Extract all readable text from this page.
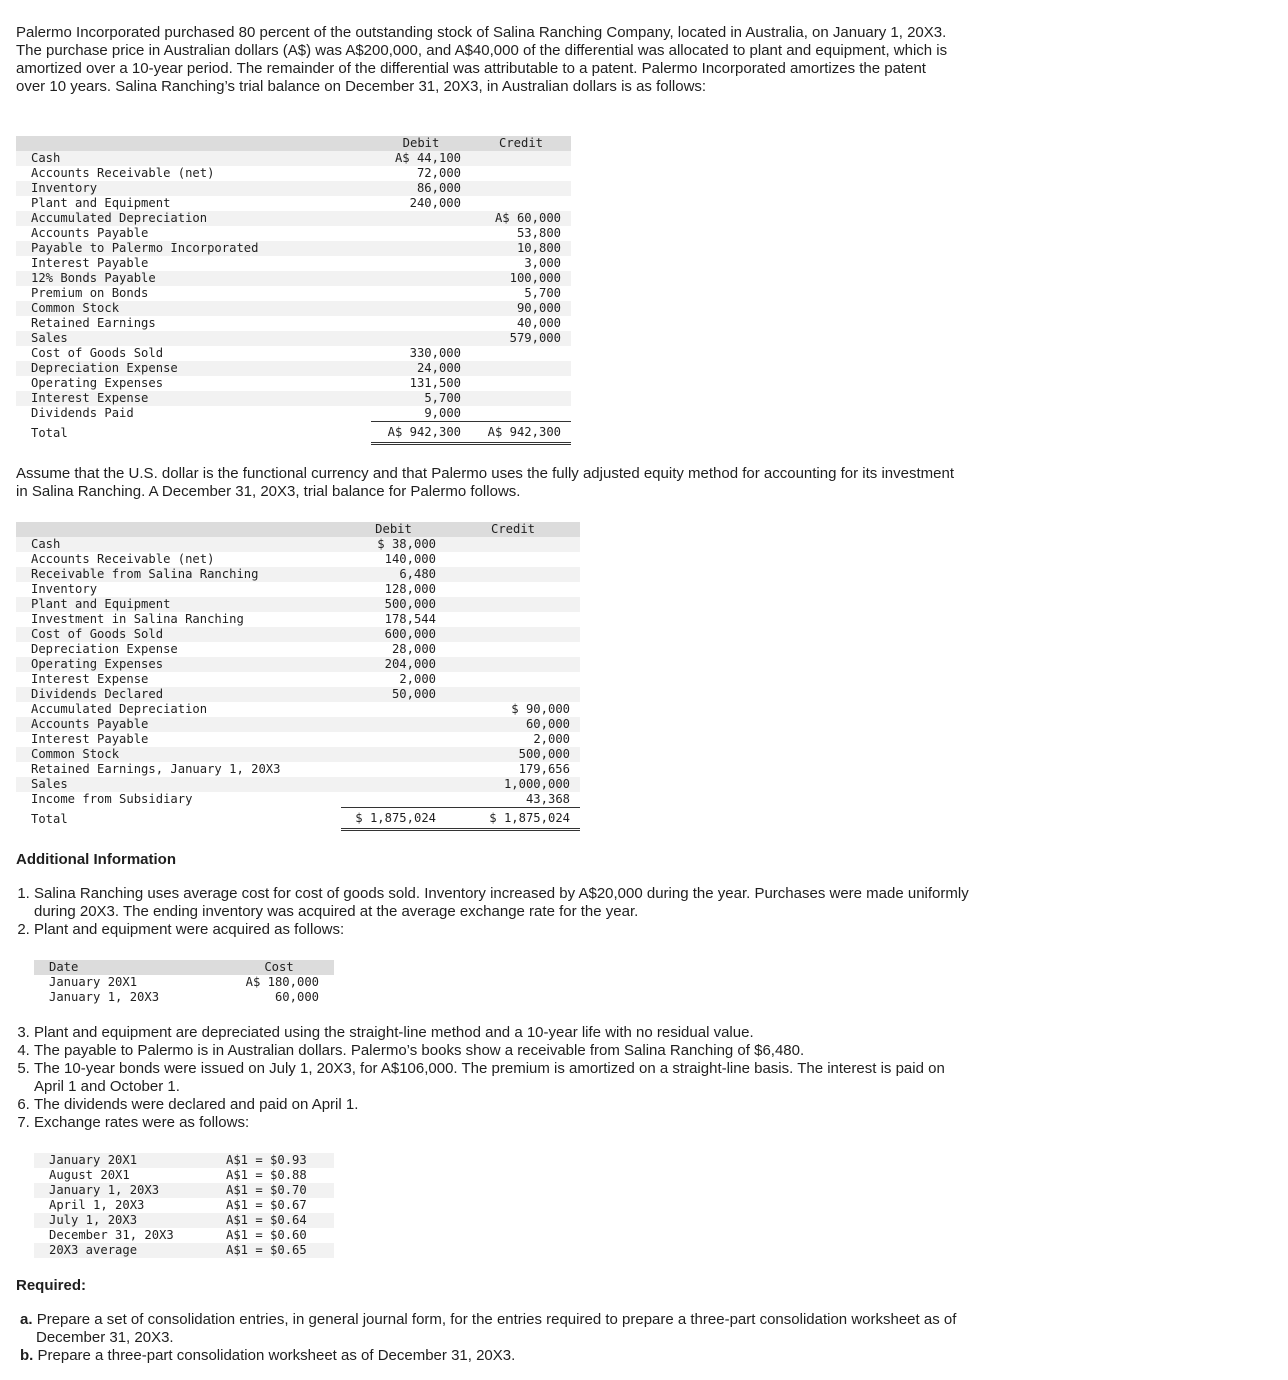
Palermo Incorporated purchased 80 percent of the outstanding stock of Salina Ranching Company, located in Australia, on January 1, 20X3. The purchase price in Australian dollars (A$) was A$200,000, and A$40,000 of the differential was allocated to plant and equipment, which is amortized over a 10-year period. The remainder of the differential was attributable to a patent. Palermo Incorporated amortizes the patent over 10 years. Salina Ranching’s trial balance on December 31, 20X3, in Australian dollars is as follows:

	Debit	Credit
Cash	A$ 44,100	
Accounts Receivable (net)	72,000	
Inventory	86,000	
Plant and Equipment	240,000	
Accumulated Depreciation		A$ 60,000
Accounts Payable		53,800
Payable to Palermo Incorporated		10,800
Interest Payable		3,000
12% Bonds Payable		100,000
Premium on Bonds		5,700
Common Stock		90,000
Retained Earnings		40,000
Sales		579,000
Cost of Goods Sold	330,000	
Depreciation Expense	24,000	
Operating Expenses	131,500	
Interest Expense	5,700	
Dividends Paid	9,000	
Total	A$ 942,300	A$ 942,300

Assume that the U.S. dollar is the functional currency and that Palermo uses the fully adjusted equity method for accounting for its investment in Salina Ranching. A December 31, 20X3, trial balance for Palermo follows.

	Debit	Credit
Cash	$ 38,000	
Accounts Receivable (net)	140,000	
Receivable from Salina Ranching	6,480	
Inventory	128,000	
Plant and Equipment	500,000	
Investment in Salina Ranching	178,544	
Cost of Goods Sold	600,000	
Depreciation Expense	28,000	
Operating Expenses	204,000	
Interest Expense	2,000	
Dividends Declared	50,000	
Accumulated Depreciation		$ 90,000
Accounts Payable		60,000
Interest Payable		2,000
Common Stock		500,000
Retained Earnings, January 1, 20X3		179,656
Sales		1,000,000
Income from Subsidiary		43,368
Total	$ 1,875,024	$ 1,875,024

Additional Information

1. Salina Ranching uses average cost for cost of goods sold. Inventory increased by A$20,000 during the year. Purchases were made uniformly during 20X3. The ending inventory was acquired at the average exchange rate for the year.
2. Plant and equipment were acquired as follows:
Date	Cost
January 20X1	A$ 180,000
January 1, 20X3	60,000
3. Plant and equipment are depreciated using the straight-line method and a 10-year life with no residual value.
4. The payable to Palermo is in Australian dollars. Palermo’s books show a receivable from Salina Ranching of $6,480.
5. The 10-year bonds were issued on July 1, 20X3, for A$106,000. The premium is amortized on a straight-line basis. The interest is paid on April 1 and October 1.
6. The dividends were declared and paid on April 1.
7. Exchange rates were as follows:
January 20X1	A$1 = $0.93
August 20X1	A$1 = $0.88
January 1, 20X3	A$1 = $0.70
April 1, 20X3	A$1 = $0.67
July 1, 20X3	A$1 = $0.64
December 31, 20X3	A$1 = $0.60
20X3 average	A$1 = $0.65

Required:

a. Prepare a set of consolidation entries, in general journal form, for the entries required to prepare a three-part consolidation worksheet as of December 31, 20X3.
b. Prepare a three-part consolidation worksheet as of December 31, 20X3.
